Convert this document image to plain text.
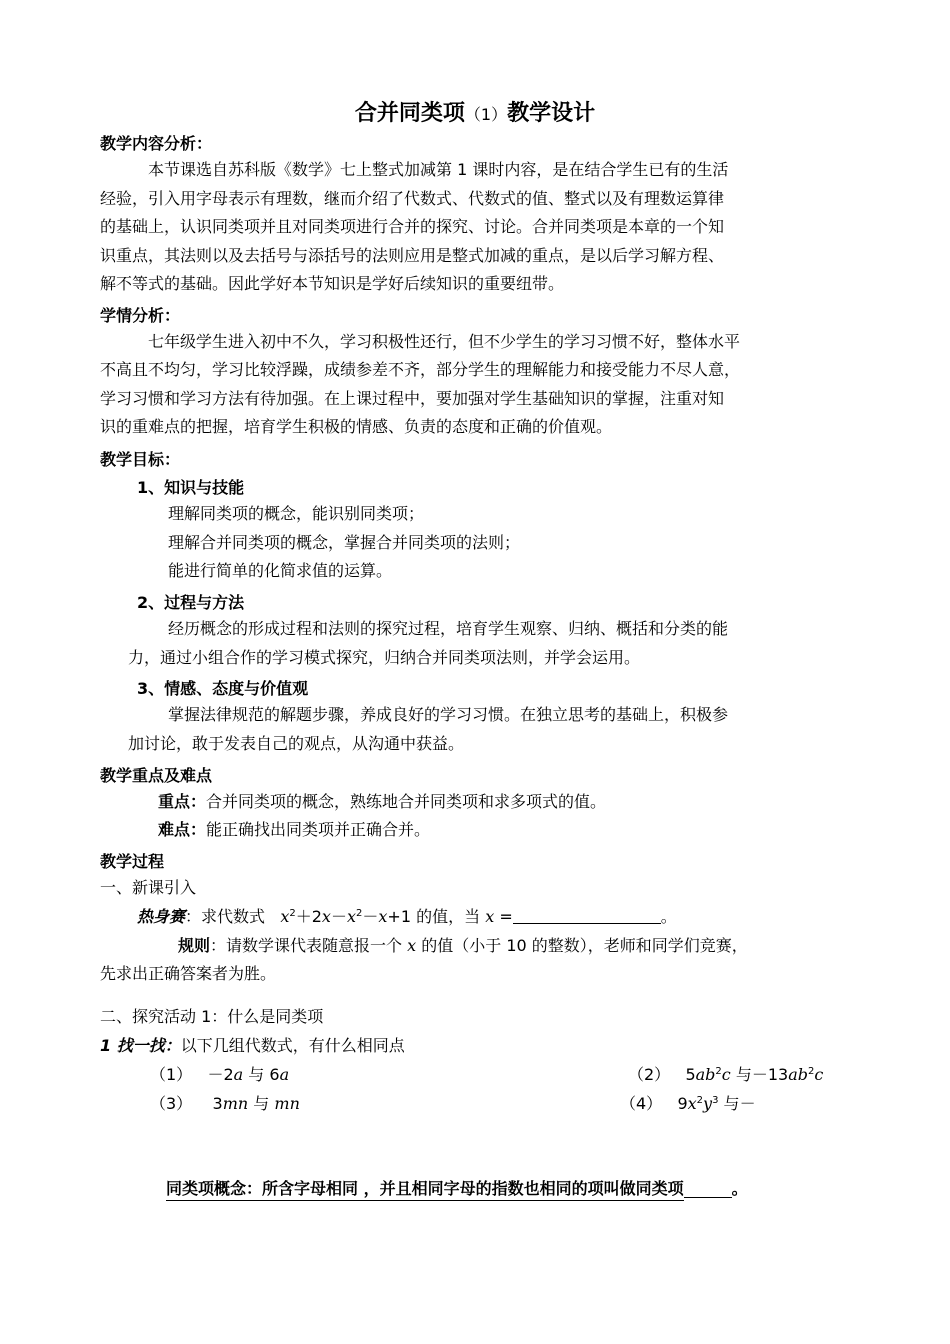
合并同类项（1）教学设计
教学内容分析：
本节课选自苏科版《数学》七上整式加减第 1 课时内容，是在结合学生已有的生活
经验，引入用字母表示有理数，继而介绍了代数式、代数式的值、整式以及有理数运算律
的基础上，认识同类项并且对同类项进行合并的探究、讨论。合并同类项是本章的一个知
识重点，其法则以及去括号与添括号的法则应用是整式加减的重点，是以后学习解方程、
解不等式的基础。因此学好本节知识是学好后续知识的重要纽带。
学情分析：
七年级学生进入初中不久，学习积极性还行，但不少学生的学习习惯不好，整体水平
不高且不均匀，学习比较浮躁，成绩参差不齐，部分学生的理解能力和接受能力不尽人意，
学习习惯和学习方法有待加强。在上课过程中，要加强对学生基础知识的掌握，注重对知
识的重难点的把握，培育学生积极的情感、负责的态度和正确的价值观。
教学目标：
1、知识与技能
理解同类项的概念，能识别同类项；
理解合并同类项的概念，掌握合并同类项的法则；
能进行简单的化简求值的运算。
2、过程与方法
经历概念的形成过程和法则的探究过程，培育学生观察、归纳、概括和分类的能
力，通过小组合作的学习模式探究，归纳合并同类项法则，并学会运用。
3、情感、态度与价值观
掌握法律规范的解题步骤，养成良好的学习习惯。在独立思考的基础上，积极参
加讨论，敢于发表自己的观点，从沟通中获益。
教学重点及难点
重点：合并同类项的概念，熟练地合并同类项和求多项式的值。
难点：能正确找出同类项并正确合并。
教学过程
一、新课引入
热身赛：求代数式 $x^2+2x-x^2-x+1$ 的值，当 x =	。
规则：请数学课代表随意报一个 x 的值（小于 10 的整数），老师和同学们竞赛，
先求出正确答案者为胜。
二、探究活动 1：什么是同类项
1 找一找：以下几组代数式，有什么相同点
（1）   －2a 与 6a	（2）   $5ab^2c$ 与$-13ab^2c$
（3）    3mn 与 mn	（4）   $9x^2y^3$ 与－
同类项概念：所含字母相同 ，并且相同字母的指数也相同的项叫做同类项	。
